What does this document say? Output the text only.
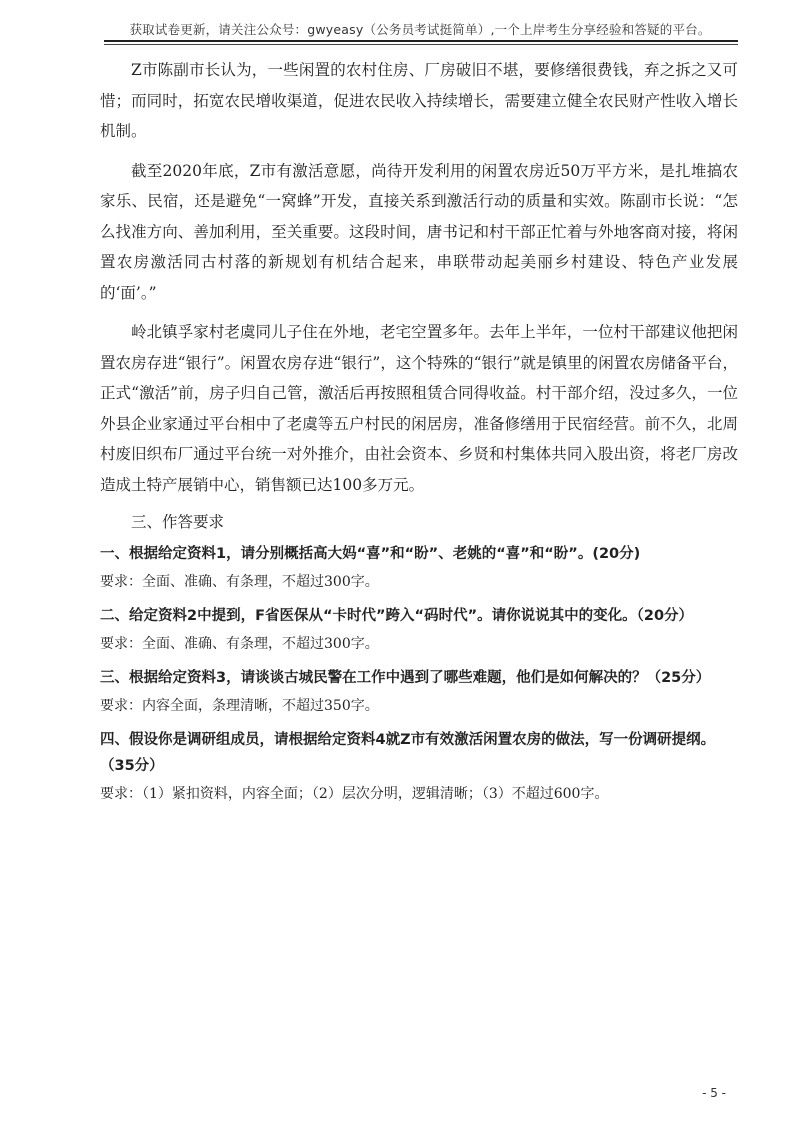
获取试卷更新，请关注公众号：gwyeasy（公务员考试挺简单）,一个上岸考生分享经验和答疑的平台。

Z市陈副市长认为，一些闲置的农村住房、厂房破旧不堪，要修缮很费钱，弃之拆之又可惜；而同时，拓宽农民增收渠道，促进农民收入持续增长，需要建立健全农民财产性收入增长机制。

截至2020年底，Z市有激活意愿，尚待开发利用的闲置农房近50万平方米，是扎堆搞农家乐、民宿，还是避免“一窝蜂”开发，直接关系到激活行动的质量和实效。陈副市长说：“怎么找准方向、善加利用，至关重要。这段时间，唐书记和村干部正忙着与外地客商对接，将闲置农房激活同古村落的新规划有机结合起来，串联带动起美丽乡村建设、特色产业发展的‘面’。”

岭北镇孚家村老虞同儿子住在外地，老宅空置多年。去年上半年，一位村干部建议他把闲置农房存进“银行”。闲置农房存进“银行”，这个特殊的“银行”就是镇里的闲置农房储备平台，正式“激活”前，房子归自己管，激活后再按照租赁合同得收益。村干部介绍，没过多久，一位外县企业家通过平台相中了老虞等五户村民的闲居房，准备修缮用于民宿经营。前不久，北周村废旧织布厂通过平台统一对外推介，由社会资本、乡贤和村集体共同入股出资，将老厂房改造成土特产展销中心，销售额已达100多万元。

三、作答要求

一、根据给定资料1，请分别概括高大妈“喜”和“盼”、老姚的“喜”和“盼”。(20分)

要求：全面、准确、有条理，不超过300字。

二、给定资料2中提到，F省医保从“卡时代”跨入“码时代”。请你说说其中的变化。（20分）

要求：全面、准确、有条理，不超过300字。

三、根据给定资料3，请谈谈古城民警在工作中遇到了哪些难题，他们是如何解决的？（25分）

要求：内容全面，条理清晰，不超过350字。

四、假设你是调研组成员，请根据给定资料4就Z市有效激活闲置农房的做法，写一份调研提纲。（35分）

要求：（1）紧扣资料，内容全面；（2）层次分明，逻辑清晰；（3）不超过600字。

- 5 -
